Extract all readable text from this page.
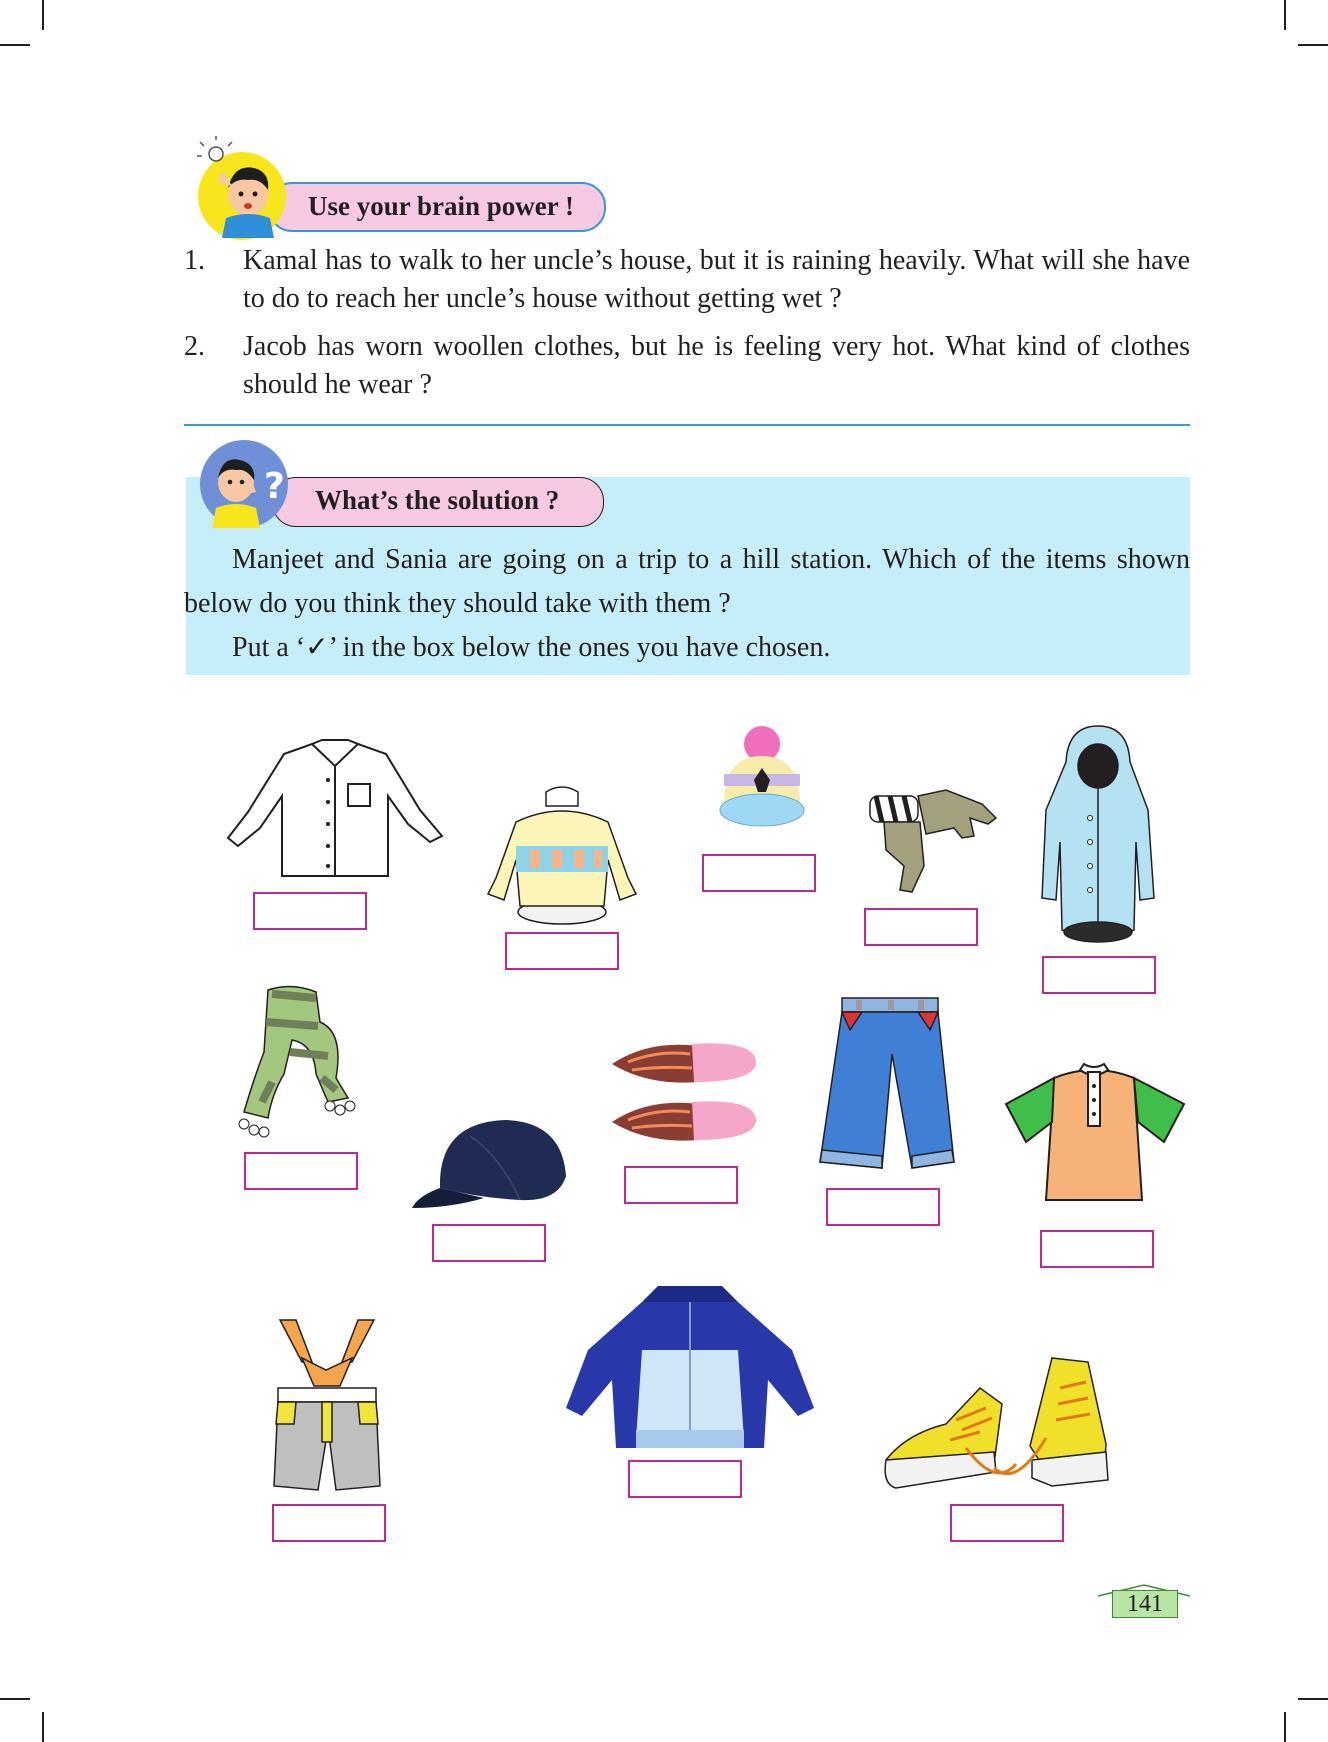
Use your brain power !
1. Kamal has to walk to her uncle’s house, but it is raining heavily. What will she have to do to reach her uncle’s house without getting wet ?
2. Jacob has worn woollen clothes, but he is feeling very hot. What kind of clothes should he wear ?
What’s the solution ?
?

Manjeet and Sania are going on a trip to a hill station. Which of the items shown below do you think they should take with them ?

Put a ‘✓’ in the box below the ones you have chosen.

141
